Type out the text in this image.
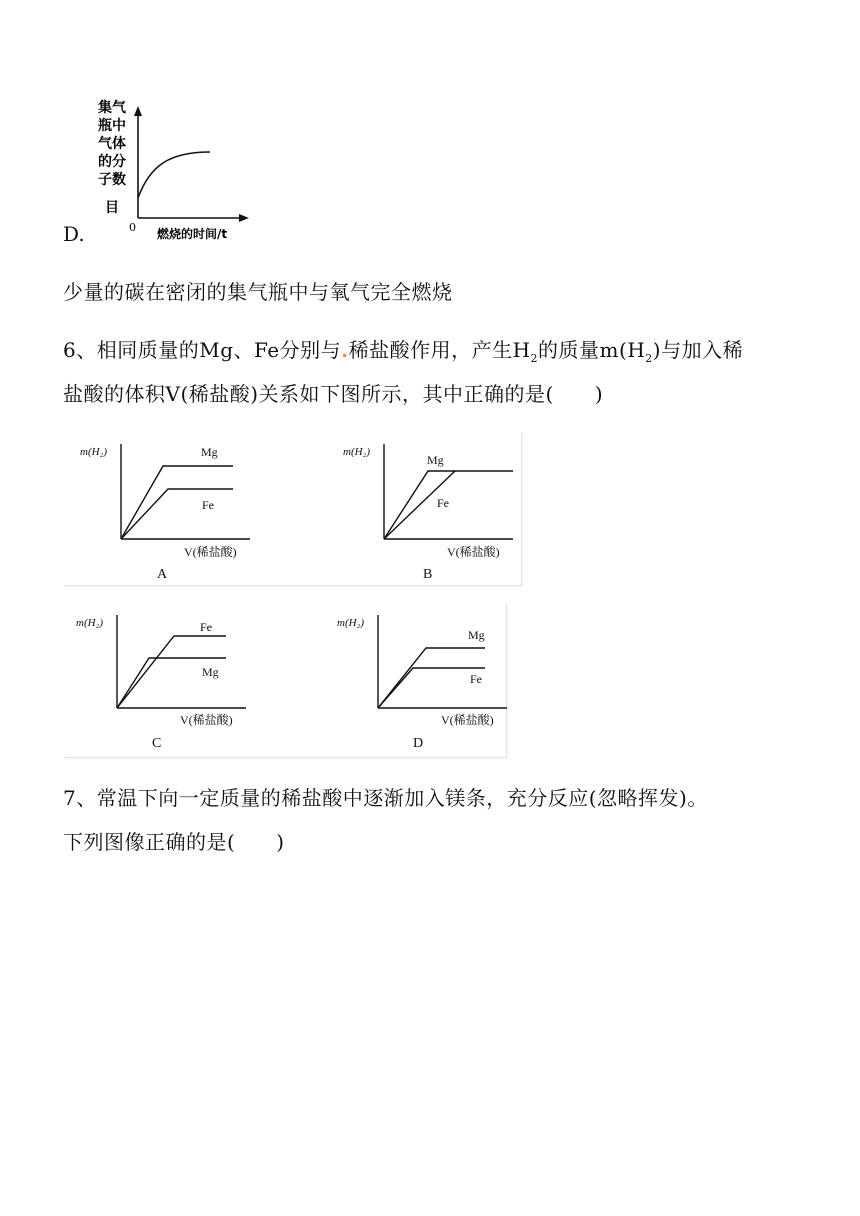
D.
集气
瓶中
气体
的分
子数
目
0 燃烧的时间/t

少量的碳在密闭的集气瓶中与氧气完全燃烧

6、相同质量的Mg、Fe分别与.稀盐酸作用，产生$H_2$的质量$m(H_2)$与加入稀

盐酸的体积V(稀盐酸)关系如下图所示，其中正确的是(　　)

m(H₂)	Mg
Fe
V(稀盐酸)
A
m(H₂)
Mg
Fe
V(稀盐酸)
B
m(H₂)	Fe
Mg
V(稀盐酸)
C
m(H₂)
Mg
Fe
V(稀盐酸)
D

7、常温下向一定质量的稀盐酸中逐渐加入镁条，充分反应(忽略挥发)。

下列图像正确的是(　　)
